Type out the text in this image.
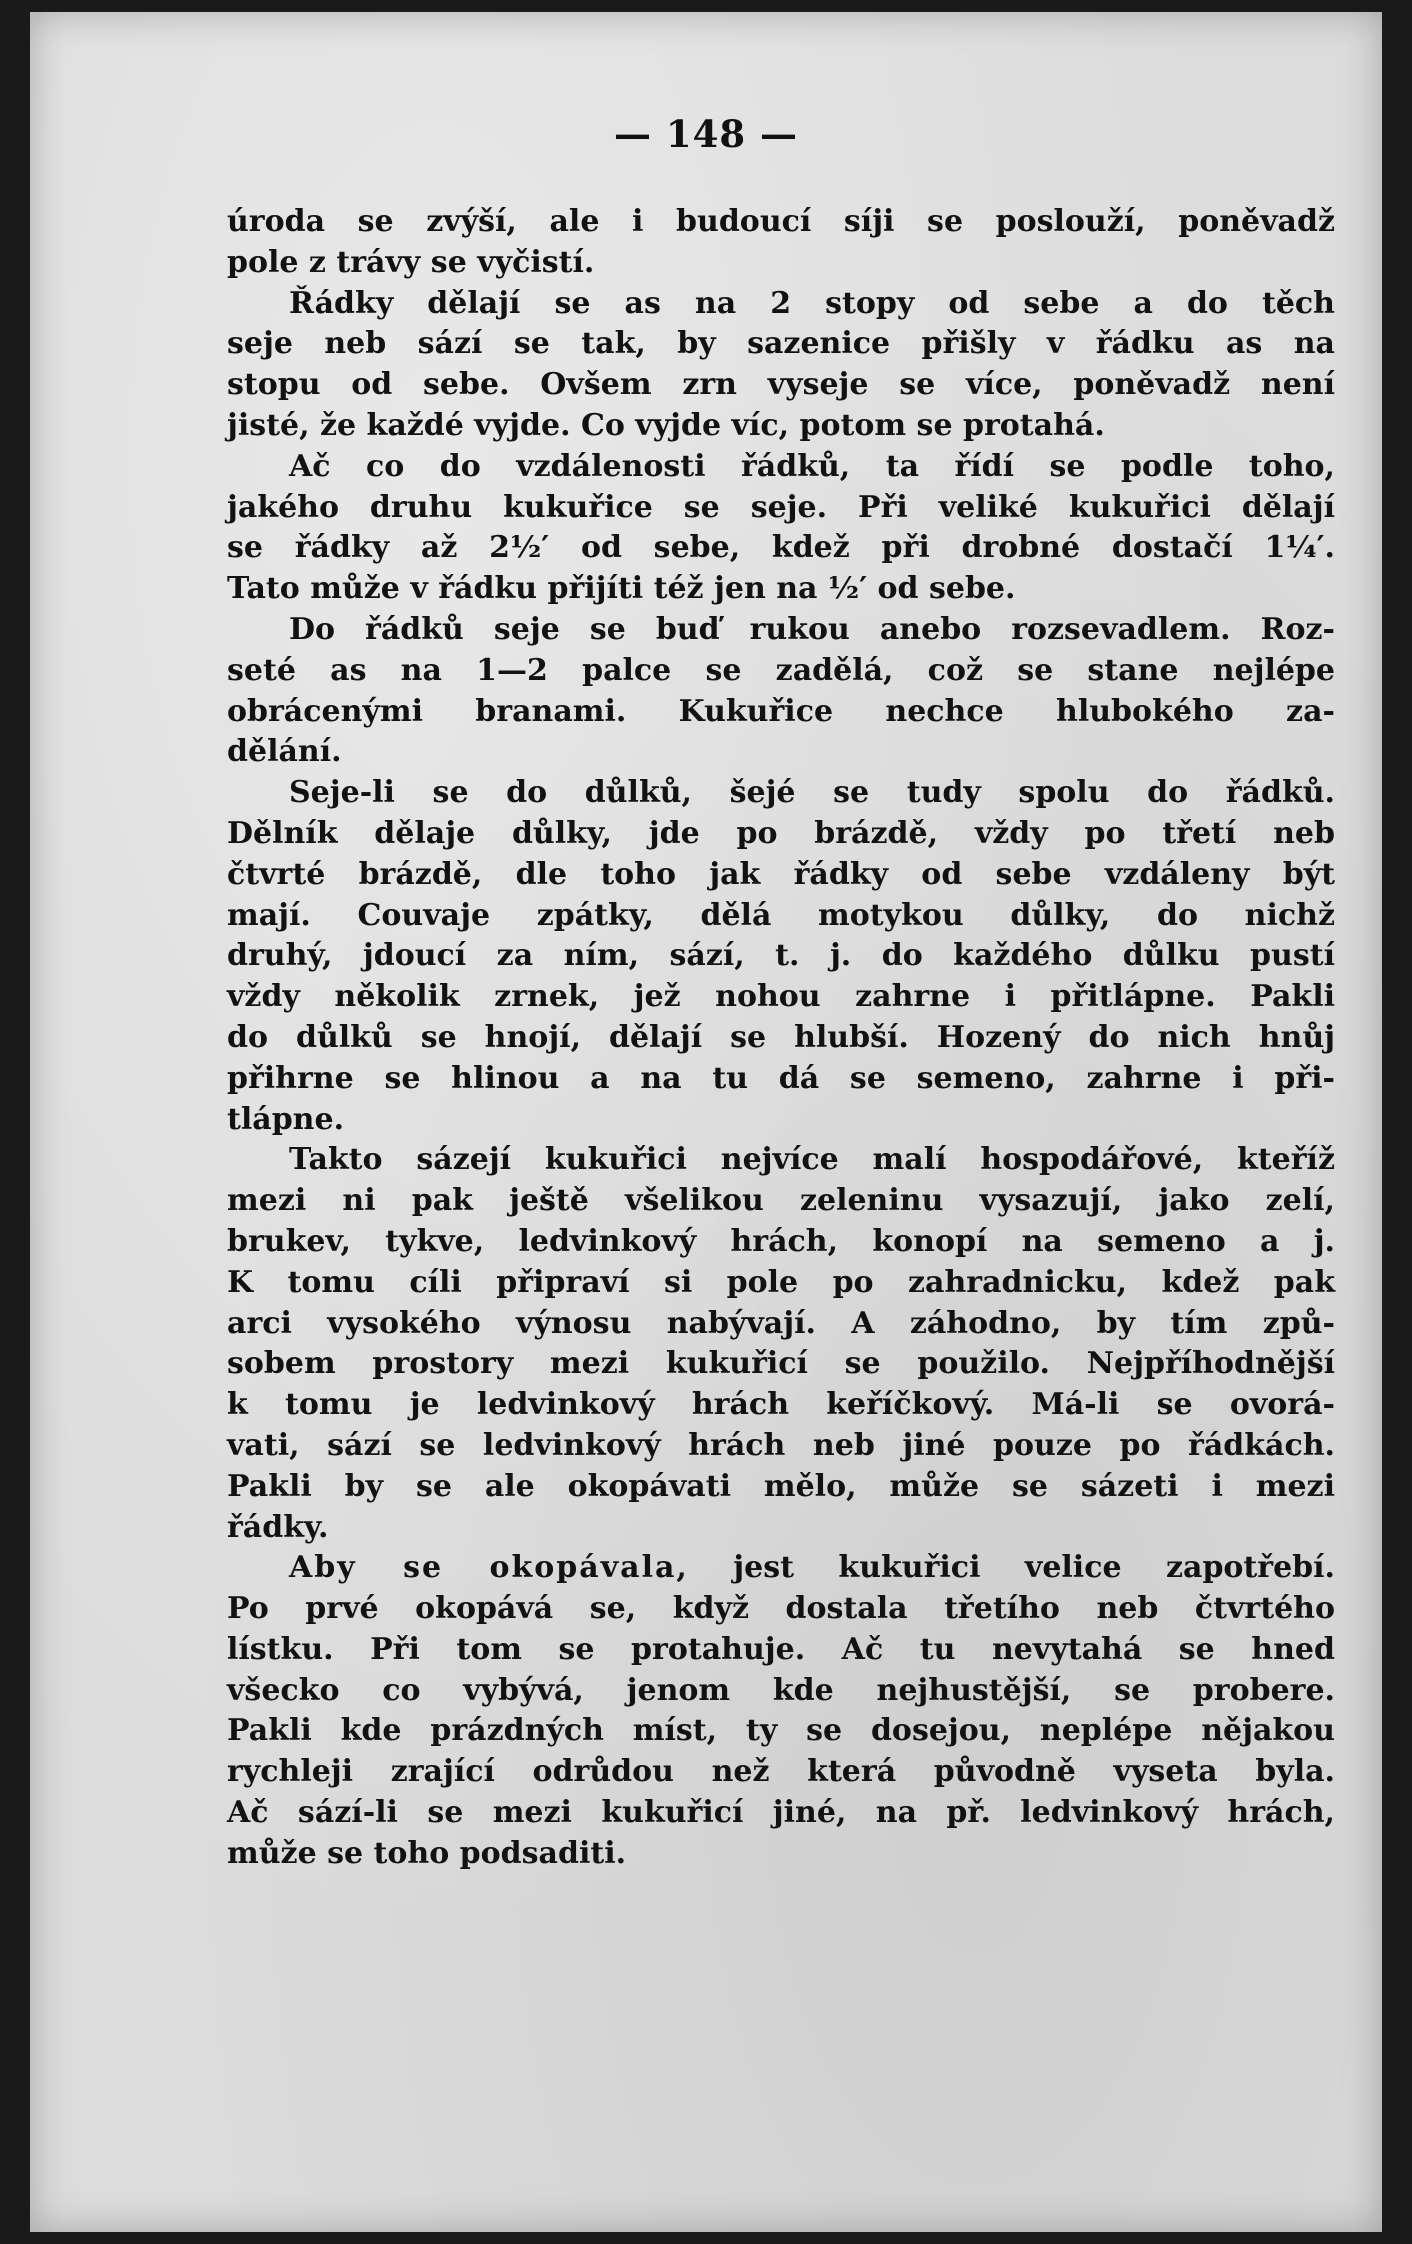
— 148 —

úroda se zvýší, ale i budoucí síji se poslouží, poněvadž
pole z trávy se vyčistí.

Řádky dělají se as na 2 stopy od sebe a do těch
seje neb sází se tak, by sazenice přišly v řádku as na
stopu od sebe. Ovšem zrn vyseje se více, poněvadž není
jisté, že každé vyjde. Co vyjde víc, potom se protahá.

Ač co do vzdálenosti řádků, ta řídí se podle toho,
jakého druhu kukuřice se seje. Při veliké kukuřici dělají
se řádky až 2½′ od sebe, kdež při drobné dostačí 1¼′.
Tato může v řádku přijíti též jen na ½′ od sebe.

Do řádků seje se buď rukou anebo rozsevadlem. Roz-
seté as na 1—2 palce se zadělá, což se stane nejlépe
obrácenými branami. Kukuřice nechce hlubokého za-
dělání.

Seje-li se do důlků, šejé se tudy spolu do řádků.
Dělník dělaje důlky, jde po brázdě, vždy po třetí neb
čtvrté brázdě, dle toho jak řádky od sebe vzdáleny být
mají. Couvaje zpátky, dělá motykou důlky, do nichž
druhý, jdoucí za ním, sází, t. j. do každého důlku pustí
vždy několik zrnek, jež nohou zahrne i přitlápne. Pakli
do důlků se hnojí, dělají se hlubší. Hozený do nich hnůj
přihrne se hlinou a na tu dá se semeno, zahrne i při-
tlápne.

Takto sázejí kukuřici nejvíce malí hospodářové, kteříž
mezi ni pak ještě všelikou zeleninu vysazují, jako zelí,
brukev, tykve, ledvinkový hrách, konopí na semeno a j.
K tomu cíli připraví si pole po zahradnicku, kdež pak
arci vysokého výnosu nabývají. A záhodno, by tím způ-
sobem prostory mezi kukuřicí se použilo. Nejpříhodnější
k tomu je ledvinkový hrách keříčkový. Má-li se ovorá-
vati, sází se ledvinkový hrách neb jiné pouze po řádkách.
Pakli by se ale okopávati mělo, může se sázeti i mezi
řádky.

Aby se okopávala, jest kukuřici velice zapotřebí.
Po prvé okopává se, když dostala třetího neb čtvrtého
lístku. Při tom se protahuje. Ač tu nevytahá se hned
všecko co vybývá, jenom kde nejhustější, se probere.
Pakli kde prázdných míst, ty se dosejou, neplépe nějakou
rychleji zrající odrůdou než která původně vyseta byla.
Ač sází-li se mezi kukuřicí jiné, na př. ledvinkový hrách,
může se toho podsaditi.
